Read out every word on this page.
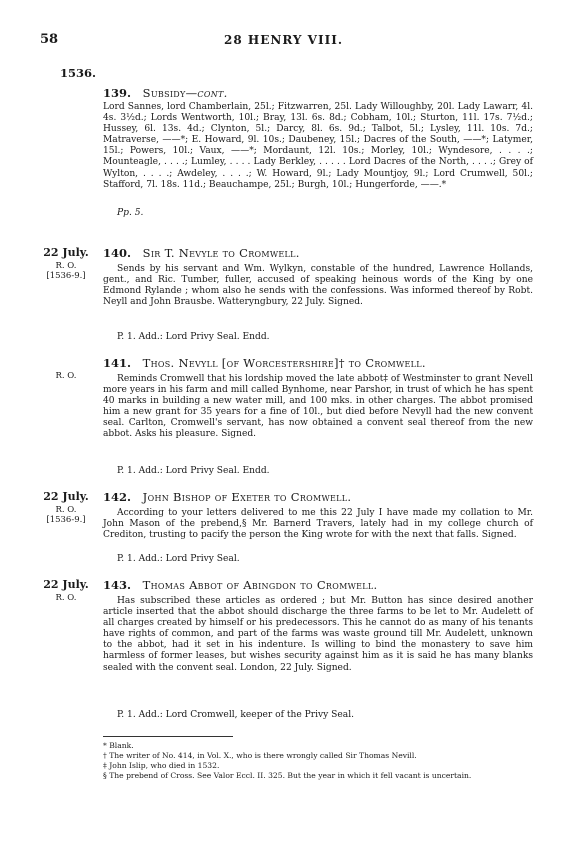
58	28 HENRY VIII.
1536.
139. Subsidy—cont.
Lord Sannes, lord Chamberlain, 25l.; Fitzwarren, 25l. Lady Willoughby, 20l. Lady Lawarr, 4l. 4s. 3½d.; Lords Wentworth, 10l.; Bray, 13l. 6s. 8d.; Cobham, 10l.; Sturton, 11l. 17s. 7½d.; Hussey, 6l. 13s. 4d.; Clynton, 5l.; Darcy, 8l. 6s. 9d.; Talbot, 5l.; Lysley, 11l. 10s. 7d.; Matraverse, ——*; E. Howard, 9l. 10s.; Daubeney, 15l.; Dacres of the South, ——*; Latymer, 15l.; Powers, 10l.; Vaux, ——*; Mordaunt, 12l. 10s.; Morley, 10l.; Wyndesore, . . . .; Mounteagle, . . . .; Lumley, . . . . Lady Berkley, . . . . . Lord Dacres of the North, . . . .; Grey of Wylton, . . . .; Awdeley, . . . .; W. Howard, 9l.; Lady Mountjoy, 9l.; Lord Crumwell, 50l.; Stafford, 7l. 18s. 11d.; Beauchampe, 25l.; Burgh, 10l.; Hungerforde, ——.*
Pp. 5.
22 July.
R. O.
[1536-9.]
140. Sir T. Nevyle to Cromwell.
Sends by his servant and Wm. Wylkyn, constable of the hundred, Lawrence Hollands, gent., and Ric. Tumber, fuller, accused of speaking heinous words of the King by one Edmond Rylande ; whom also he sends with the confessions. Was informed thereof by Robt. Neyll and John Brausbe. Watteryngbury, 22 July. Signed.
P. 1. Add.: Lord Privy Seal. Endd.
R. O.
141. Thos. Nevyll [of Worcestershire]† to Cromwell.
Reminds Cromwell that his lordship moved the late abbot‡ of Westminster to grant Nevell more years in his farm and mill called Bynhome, near Parshor, in trust of which he has spent 40 marks in building a new water mill, and 100 mks. in other charges. The abbot promised him a new grant for 35 years for a fine of 10l., but died before Nevyll had the new convent seal. Carlton, Cromwell's servant, has now obtained a convent seal thereof from the new abbot. Asks his pleasure. Signed.
P. 1. Add.: Lord Privy Seal. Endd.
22 July.
R. O.
[1536-9.]
142. John Bishop of Exeter to Cromwell.
According to your letters delivered to me this 22 July I have made my collation to Mr. John Mason of the prebend,§ Mr. Barnerd Travers, lately had in my college church of Crediton, trusting to pacify the person the King wrote for with the next that falls. Signed.
P. 1. Add.: Lord Privy Seal.
22 July.
R. O.
143. Thomas Abbot of Abingdon to Cromwell.
Has subscribed these articles as ordered ; but Mr. Button has since desired another article inserted that the abbot should discharge the three farms to be let to Mr. Audelett of all charges created by himself or his predecessors. This he cannot do as many of his tenants have rights of common, and part of the farms was waste ground till Mr. Audelett, unknown to the abbot, had it set in his indenture. Is willing to bind the monastery to save him harmless of former leases, but wishes security against him as it is said he has many blanks sealed with the convent seal. London, 22 July. Signed.
P. 1. Add.: Lord Cromwell, keeper of the Privy Seal.
* Blank.
† The writer of No. 414, in Vol. X., who is there wrongly called Sir Thomas Nevill.
‡ John Islip, who died in 1532.
§ The prebend of Cross. See Valor Eccl. II. 325. But the year in which it fell vacant is uncertain.
